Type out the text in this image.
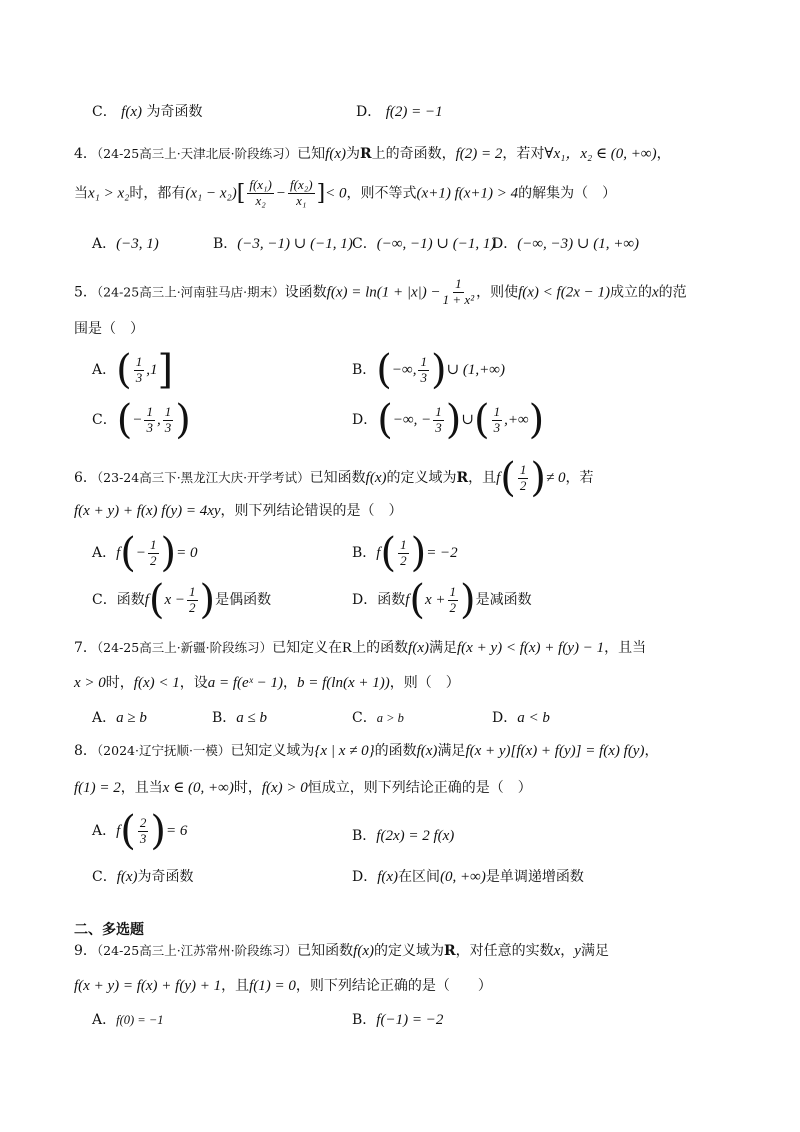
C． f(x) 为奇函数	D． f(2) = −1
4．（24-25高三上·天津北辰·阶段练习）已知f(x)为R上的奇函数，f(2) = 2，若对∀x₁，x₂ ∈ (0, +∞)，
当x₁ > x₂时，都有$(x_1 - x_2)[ \frac{\text{f(x₁)}}{\text{x₂}} - \frac{\text{f(x₂)}}{\text{x₁}}$ ]< 0，则不等式(x+1) f(x+1) > 4的解集为（　）
A．(−3, 1)	B．(−3, −1) ∪ (−1, 1) C．(−∞, −1) ∪ (−1, 1)
D．(−∞, −3) ∪ (1, +∞)
5．（24-25高三上·河南驻马店·期末）设函数$f(x) = \ln(1 + |x|) - \frac{1}{\text{1 + x²}}$ ，则使f(x) < f(2x − 1)成立的x的范
围是（　）
A．( $\frac{1}{3} ,1$]	B．(−∞, $\frac{1}{3}$ )∪ (1,+∞)
C．(− $\frac{1}{3}$ , $\frac{1}{3}$ )	D．(−∞, − $\frac{1}{3}$ )∪( $\frac{1}{3}$ ,+∞)
6．（23-24高三下·黑龙江大庆·开学考试）已知函数f(x)的定义域为R，且$f( \frac{1}{2}$ )≠ 0，若
f(x + y) + f(x) f(y) = 4xy，则下列结论错误的是（　）
A．$f(- \frac{1}{2}$ )= 0	B．$f( \frac{1}{2}$ )= −2
C．函数$f(x - \frac{1}{2}$ )是偶函数	D．函数$f(x + \frac{1}{2}$ )是减函数
7．（24-25高三上·新疆·阶段练习）已知定义在R上的函数f(x)满足f(x + y) < f(x) + f(y) − 1，且当
x > 0时，f(x) < 1，设a = f(eˣ − 1)，b = f(ln(x + 1))，则（　）
A．a ≥ b	B．a ≤ b	C．a > b	D．a < b
8．（2024·辽宁抚顺·一模）已知定义域为{x | x ≠ 0}的函数f(x)满足f(x + y)[f(x) + f(y)] = f(x) f(y)，
f(1) = 2，且当x ∈ (0, +∞)时，f(x) > 0恒成立，则下列结论正确的是（　）
A．$f( \frac{2}{3}$ )= 6	B．f(2x) = 2 f(x)
C．f(x)为奇函数	D．f(x)在区间(0, +∞)是单调递增函数
二、多选题
9．（24-25高三上·江苏常州·阶段练习）已知函数f(x)的定义域为R，对任意的实数x，y满足
f(x + y) = f(x) + f(y) + 1，且f(1) = 0，则下列结论正确的是（　　）
A．f(0) = −1	B．f(−1) = −2
